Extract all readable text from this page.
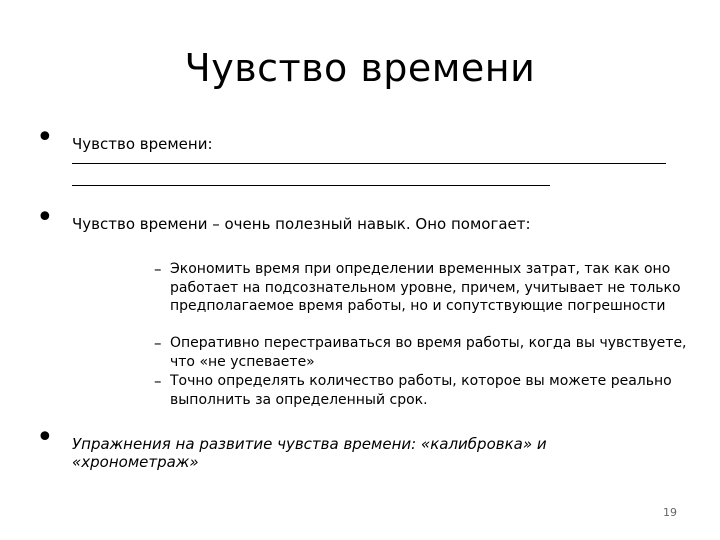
Чувство времени
• Чувство времени:
• Чувство времени – очень полезный навык. Оно помогает:
– Экономить время при определении временных затрат, так как оно работает на подсознательном уровне, причем, учитывает не только предполагаемое время работы, но и сопутствующие погрешности
– Оперативно перестраиваться во время работы, когда вы чувствуете, что «не успеваете»
– Точно определять количество работы, которое вы можете реально выполнить за определенный срок.
• Упражнения на развитие чувства времени: «калибровка» и «хронометраж»
19
